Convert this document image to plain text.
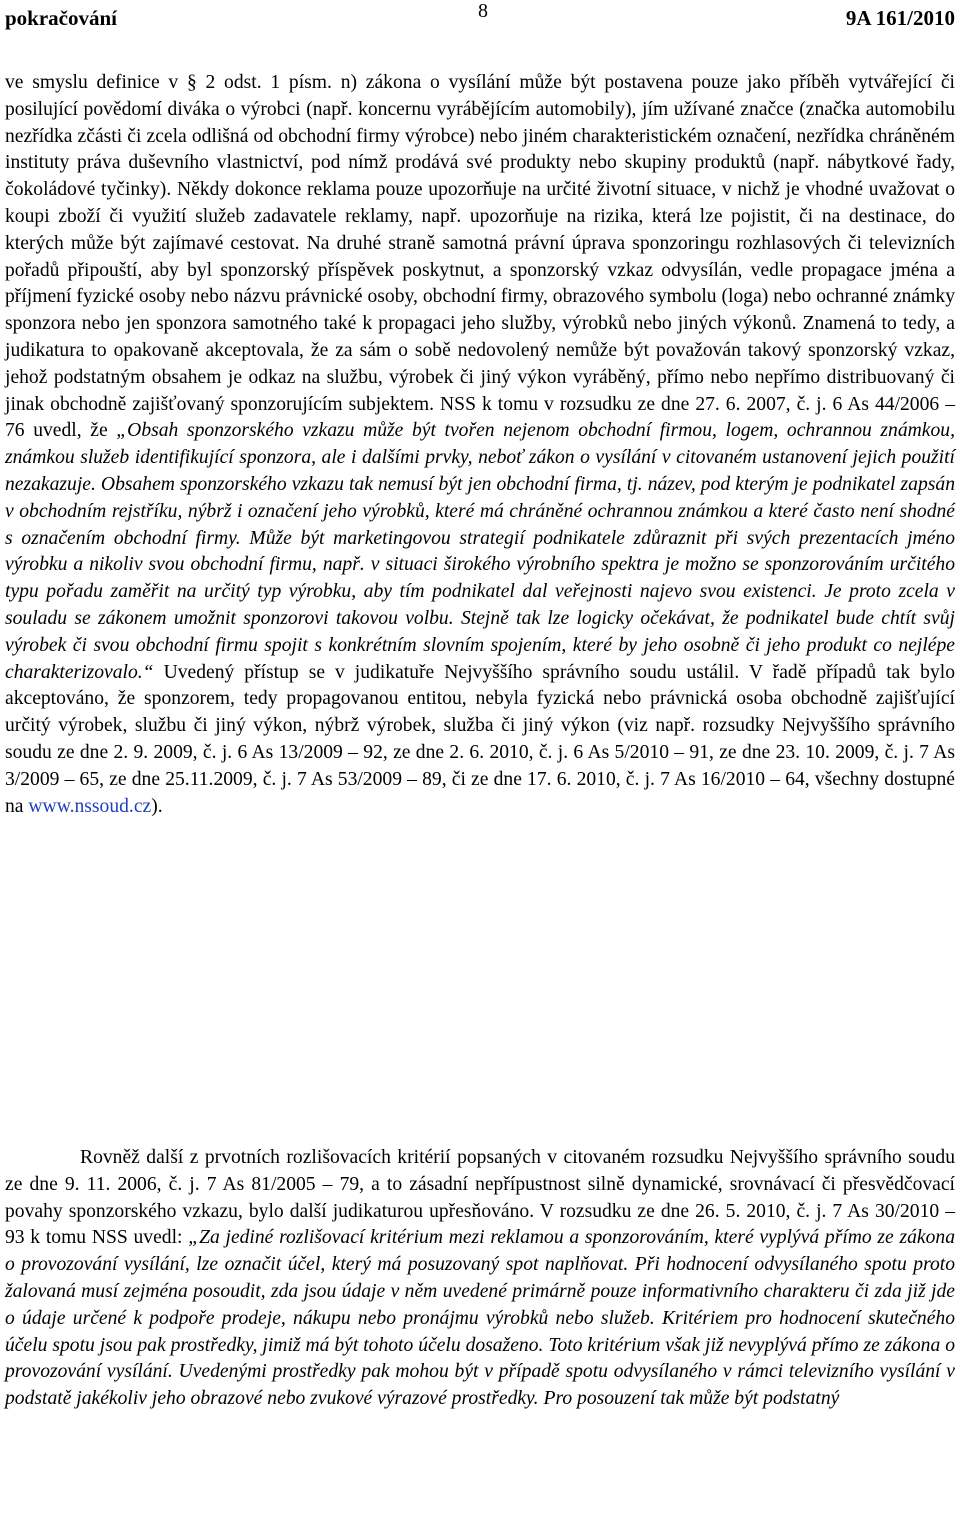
pokračování	8	9A 161/2010

ve smyslu definice v § 2 odst. 1 písm. n) zákona o vysílání může být postavena pouze jako příběh vytvářející či posilující povědomí diváka o výrobci (např. koncernu vyrábějícím automobily), jím užívané značce (značka automobilu nezřídka zčásti či zcela odlišná od obchodní firmy výrobce) nebo jiném charakteristickém označení, nezřídka chráněném instituty práva duševního vlastnictví, pod nímž prodává své produkty nebo skupiny produktů (např. nábytkové řady, čokoládové tyčinky). Někdy dokonce reklama pouze upozorňuje na určité životní situace, v nichž je vhodné uvažovat o koupi zboží či využití služeb zadavatele reklamy, např. upozorňuje na rizika, která lze pojistit, či na destinace, do kterých může být zajímavé cestovat. Na druhé straně samotná právní úprava sponzoringu rozhlasových či televizních pořadů připouští, aby byl sponzorský příspěvek poskytnut, a sponzorský vzkaz odvysílán, vedle propagace jména a příjmení fyzické osoby nebo názvu právnické osoby, obchodní firmy, obrazového symbolu (loga) nebo ochranné známky sponzora nebo jen sponzora samotného také k propagaci jeho služby, výrobků nebo jiných výkonů. Znamená to tedy, a judikatura to opakovaně akceptovala, že za sám o sobě nedovolený nemůže být považován takový sponzorský vzkaz, jehož podstatným obsahem je odkaz na službu, výrobek či jiný výkon vyráběný, přímo nebo nepřímo distribuovaný či jinak obchodně zajišťovaný sponzorujícím subjektem. NSS k tomu v rozsudku ze dne 27. 6. 2007, č. j. 6 As 44/2006 – 76 uvedl, že „Obsah sponzorského vzkazu může být tvořen nejenom obchodní firmou, logem, ochrannou známkou, známkou služeb identifikující sponzora, ale i dalšími prvky, neboť zákon o vysílání v citovaném ustanovení jejich použití nezakazuje. Obsahem sponzorského vzkazu tak nemusí být jen obchodní firma, tj. název, pod kterým je podnikatel zapsán v obchodním rejstříku, nýbrž i označení jeho výrobků, které má chráněné ochrannou známkou a které často není shodné s označením obchodní firmy. Může být marketingovou strategií podnikatele zdůraznit při svých prezentacích jméno výrobku a nikoliv svou obchodní firmu, např. v situaci širokého výrobního spektra je možno se sponzorováním určitého typu pořadu zaměřit na určitý typ výrobku, aby tím podnikatel dal veřejnosti najevo svou existenci. Je proto zcela v souladu se zákonem umožnit sponzorovi takovou volbu. Stejně tak lze logicky očekávat, že podnikatel bude chtít svůj výrobek či svou obchodní firmu spojit s konkrétním slovním spojením, které by jeho osobně či jeho produkt co nejlépe charakterizovalo.“ Uvedený přístup se v judikatuře Nejvyššího správního soudu ustálil. V řadě případů tak bylo akceptováno, že sponzorem, tedy propagovanou entitou, nebyla fyzická nebo právnická osoba obchodně zajišťující určitý výrobek, službu či jiný výkon, nýbrž výrobek, služba či jiný výkon (viz např. rozsudky Nejvyššího správního soudu ze dne 2. 9. 2009, č. j. 6 As 13/2009 – 92, ze dne 2. 6. 2010, č. j. 6 As 5/2010 – 91, ze dne 23. 10. 2009, č. j. 7 As 3/2009 – 65, ze dne 25.11.2009, č. j. 7 As 53/2009 – 89, či ze dne 17. 6. 2010, č. j. 7 As 16/2010 – 64, všechny dostupné na www.nssoud.cz).

Rovněž další z prvotních rozlišovacích kritérií popsaných v citovaném rozsudku Nejvyššího správního soudu ze dne 9. 11. 2006, č. j. 7 As 81/2005 – 79, a to zásadní nepřípustnost silně dynamické, srovnávací či přesvědčovací povahy sponzorského vzkazu, bylo další judikaturou upřesňováno. V rozsudku ze dne 26. 5. 2010, č. j. 7 As 30/2010 – 93 k tomu NSS uvedl: „Za jediné rozlišovací kritérium mezi reklamou a sponzorováním, které vyplývá přímo ze zákona o provozování vysílání, lze označit účel, který má posuzovaný spot naplňovat. Při hodnocení odvysílaného spotu proto žalovaná musí zejména posoudit, zda jsou údaje v něm uvedené primárně pouze informativního charakteru či zda již jde o údaje určené k podpoře prodeje, nákupu nebo pronájmu výrobků nebo služeb. Kritériem pro hodnocení skutečného účelu spotu jsou pak prostředky, jimiž má být tohoto účelu dosaženo. Toto kritérium však již nevyplývá přímo ze zákona o provozování vysílání. Uvedenými prostředky pak mohou být v případě spotu odvysílaného v rámci televizního vysílání v podstatě jakékoliv jeho obrazové nebo zvukové výrazové prostředky. Pro posouzení tak může být podstatný
